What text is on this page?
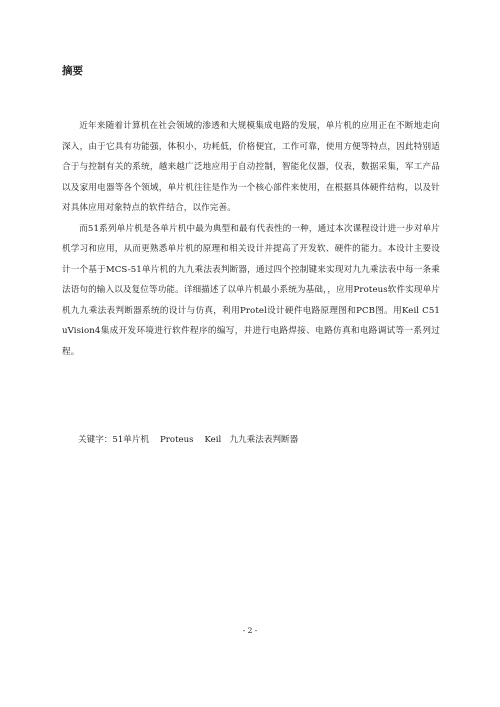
摘要

近年来随着计算机在社会领域的渗透和大规模集成电路的发展，单片机的应用正在不断地走向深入，由于它具有功能强，体积小，功耗低，价格便宜，工作可靠，使用方便等特点，因此特别适合于与控制有关的系统，越来越广泛地应用于自动控制，智能化仪器，仪表，数据采集，军工产品以及家用电器等各个领域，单片机往往是作为一个核心部件来使用，在根据具体硬件结构，以及针对具体应用对象特点的软件结合，以作完善。

而51系列单片机是各单片机中最为典型和最有代表性的一种，通过本次课程设计进一步对单片机学习和应用，从而更熟悉单片机的原理和相关设计并提高了开发软、硬件的能力。本设计主要设计一个基于MCS-51单片机的九九乘法表判断器，通过四个控制键来实现对九九乘法表中每一条乘法语句的输入以及复位等功能。详细描述了以单片机最小系统为基础，，应用Proteus软件实现单片机九九乘法表判断器系统的设计与仿真，利用Protel设计硬件电路原理图和PCB图。用Keil C51 uVision4集成开发环境进行软件程序的编写，并进行电路焊接、电路仿真和电路调试等一系列过程。

关键字：51单片机    Proteus    Keil   九九乘法表判断器
- 2 -
